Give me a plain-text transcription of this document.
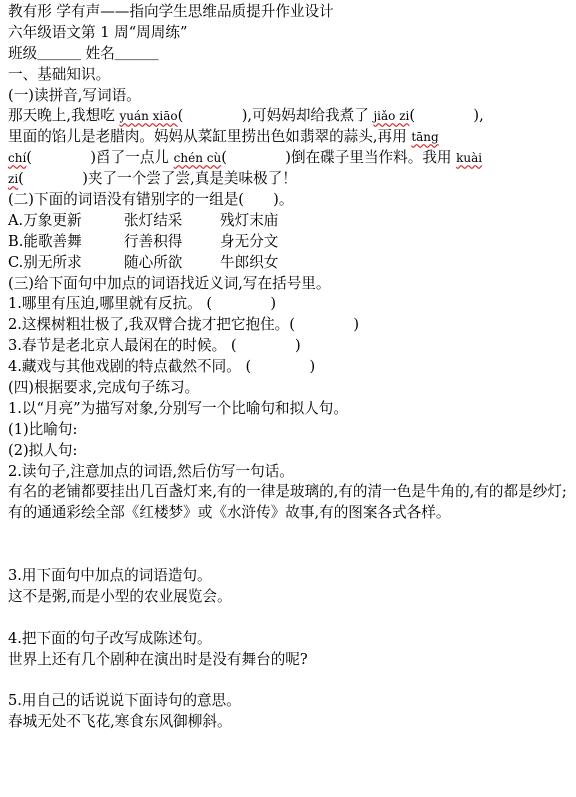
教有形 学有声——指向学生思维品质提升作业设计
六年级语文第 1 周“周周练”
班级＿＿＿ 姓名＿＿＿
一、基础知识。
(一)读拼音,写词语。
那天晚上,我想吃 yuán xiāo(　　　　),可妈妈却给我煮了 jiǎo zi(　　　　),
里面的馅儿是老腊肉。妈妈从菜缸里捞出色如翡翠的蒜头,再用 tāng
chí(　　　　)舀了一点儿 chén cù(　　　　)倒在碟子里当作料。我用 kuài
zi(　　　　)夹了一个尝了尝,真是美味极了！
(二)下面的词语没有错别字的一组是(　　)。
A.万象更新	张灯结采	残灯末庙
B.能歌善舞	行善积得	身无分文
C.别无所求	随心所欲	牛郎织女
(三)给下面句中加点的词语找近义词,写在括号里。
1.哪里有压迫,哪里就有反抗。 (　　　　)
2.这棵树粗壮极了,我双臂合拢才把它抱住。(　　　　)
3.春节是老北京人最闲在的时候。 (　　　　)
4.藏戏与其他戏剧的特点截然不同。 (　　　　)
(四)根据要求,完成句子练习。
1.以“月亮”为描写对象,分别写一个比喻句和拟人句。
(1)比喻句:
(2)拟人句:
2.读句子,注意加点的词语,然后仿写一句话。
有名的老铺都要挂出几百盏灯来,有的一律是玻璃的,有的清一色是牛角的,有的都是纱灯;有的通通彩绘全部《红楼梦》或《水浒传》故事,有的图案各式各样。
3.用下面句中加点的词语造句。
这不是粥,而是小型的农业展览会。
4.把下面的句子改写成陈述句。
世界上还有几个剧种在演出时是没有舞台的呢?
5.用自己的话说说下面诗句的意思。
春城无处不飞花,寒食东风御柳斜。
